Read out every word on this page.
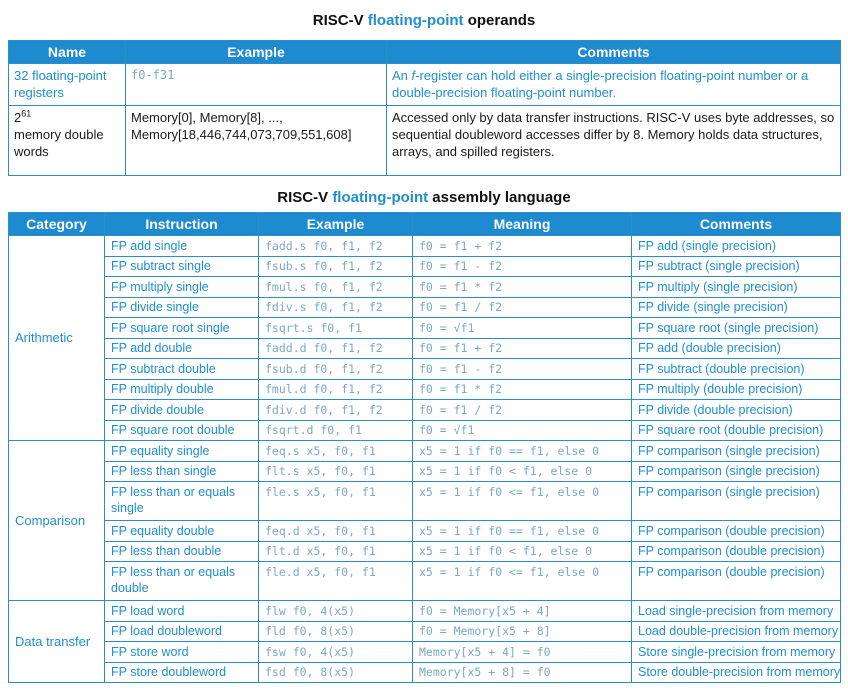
RISC-V floating-point operands
Name	Example	Comments
32 floating-point registers	f0-f31	An f-register can hold either a single-precision floating-point number or a double-precision floating-point number.
$2^{61}$
memory double words	Memory[0], Memory[8], ..., Memory[18,446,744,073,709,551,608]	Accessed only by data transfer instructions. RISC-V uses byte addresses, so sequential doubleword accesses differ by 8. Memory holds data structures, arrays, and spilled registers.
RISC-V floating-point assembly language
Category	Instruction	Example	Meaning	Comments
Arithmetic	FP add single	fadd.s f0, f1, f2	f0 = f1 + f2	FP add (single precision)
	FP subtract single	fsub.s f0, f1, f2	f0 = f1 - f2	FP subtract (single precision)
	FP multiply single	fmul.s f0, f1, f2	f0 = f1 * f2	FP multiply (single precision)
	FP divide single	fdiv.s f0, f1, f2	f0 = f1 / f2	FP divide (single precision)
	FP square root single	fsqrt.s f0, f1	f0 = √f1	FP square root (single precision)
	FP add double	fadd.d f0, f1, f2	f0 = f1 + f2	FP add (double precision)
	FP subtract double	fsub.d f0, f1, f2	f0 = f1 - f2	FP subtract (double precision)
	FP multiply double	fmul.d f0, f1, f2	f0 = f1 * f2	FP multiply (double precision)
	FP divide double	fdiv.d f0, f1, f2	f0 = f1 / f2	FP divide (double precision)
	FP square root double	fsqrt.d f0, f1	f0 = √f1	FP square root (double precision)
Comparison	FP equality single	feq.s x5, f0, f1	x5 = 1 if f0 == f1, else 0	FP comparison (single precision)
	FP less than single	flt.s x5, f0, f1	x5 = 1 if f0 < f1, else 0	FP comparison (single precision)
	FP less than or equals single	fle.s x5, f0, f1	x5 = 1 if f0 <= f1, else 0	FP comparison (single precision)
	FP equality double	feq.d x5, f0, f1	x5 = 1 if f0 == f1, else 0	FP comparison (double precision)
	FP less than double	flt.d x5, f0, f1	x5 = 1 if f0 < f1, else 0	FP comparison (double precision)
	FP less than or equals double	fle.d x5, f0, f1	x5 = 1 if f0 <= f1, else 0	FP comparison (double precision)
Data transfer	FP load word	flw f0, 4(x5)	f0 = Memory[x5 + 4]	Load single-precision from memory
	FP load doubleword	fld f0, 8(x5)	f0 = Memory[x5 + 8]	Load double-precision from memory
	FP store word	fsw f0, 4(x5)	Memory[x5 + 4] = f0	Store single-precision from memory
	FP store doubleword	fsd f0, 8(x5)	Memory[x5 + 8] = f0	Store double-precision from memory
